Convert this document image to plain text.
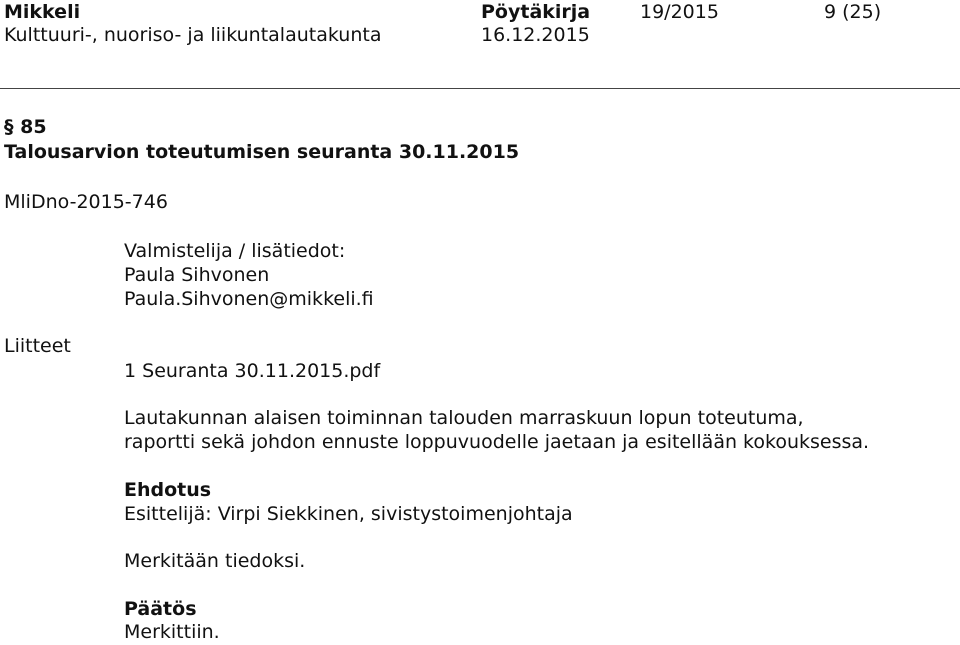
Mikkeli
Kulttuuri-, nuoriso- ja liikuntalautakunta
Pöytäkirja
16.12.2015
19/2015	9 (25)
§ 85
Talousarvion toteutumisen seuranta 30.11.2015
MliDno-2015-746
Valmistelija / lisätiedot:
Paula Sihvonen
Paula.Sihvonen@mikkeli.fi
Liitteet
1 Seuranta 30.11.2015.pdf
Lautakunnan alaisen toiminnan talouden marraskuun lopun toteutuma,
raportti sekä johdon ennuste loppuvuodelle jaetaan ja esitellään kokouksessa.
Ehdotus
Esittelijä: Virpi Siekkinen, sivistystoimenjohtaja
Merkitään tiedoksi.
Päätös
Merkittiin.
